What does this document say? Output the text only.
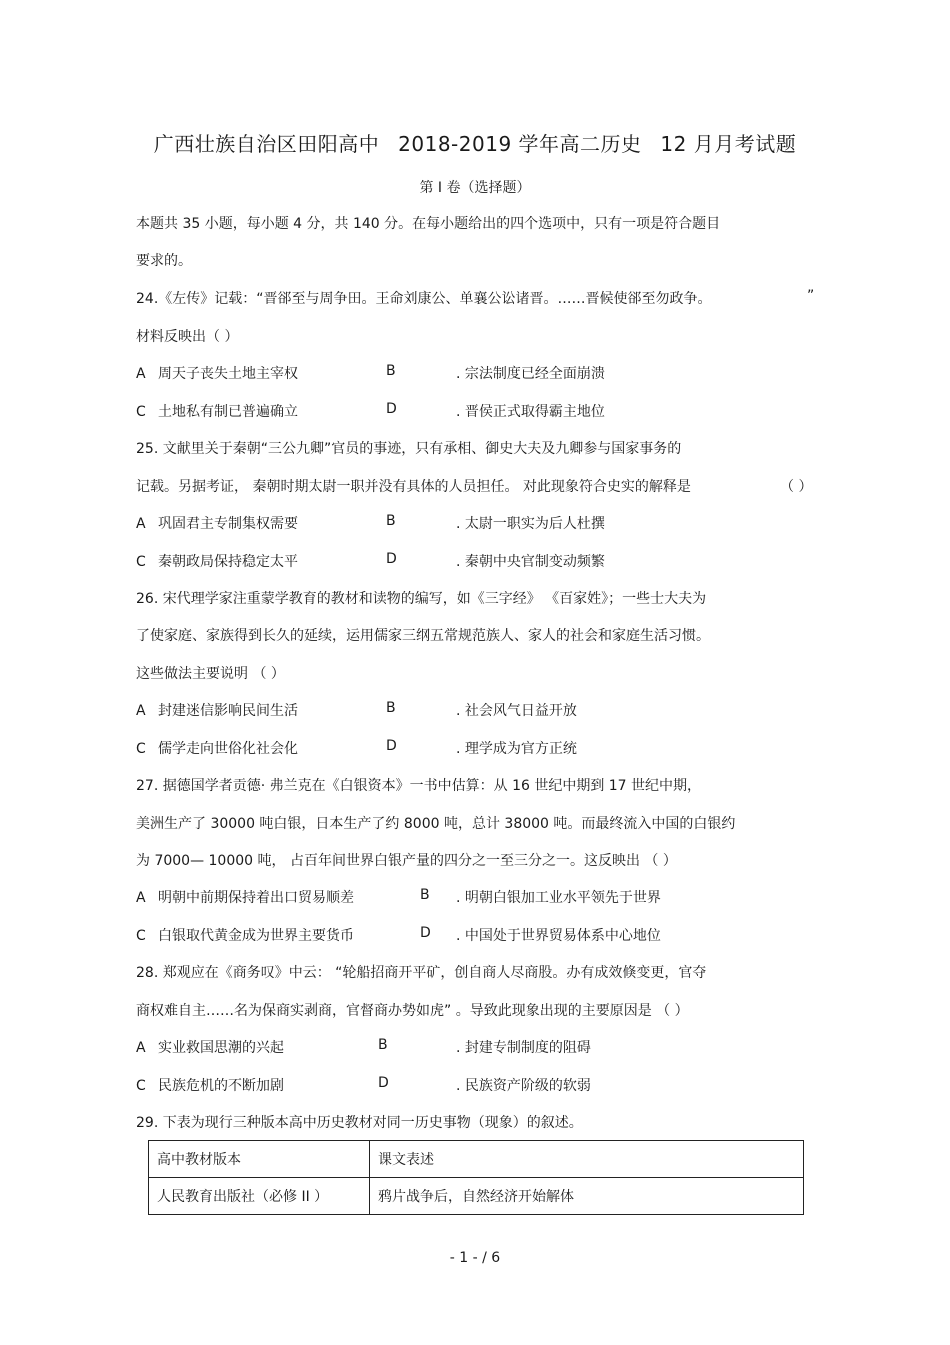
广西壮族自治区田阳高中 2018-2019 学年高二历史 12 月月考试题
第 I 卷（选择题）
本题共 35 小题，每小题 4 分，共 140 分。在每小题给出的四个选项中，只有一项是符合题目
要求的。
24.《左传》记载：“晋郤至与周争田。王命刘康公、单襄公讼诸晋。……晋候使郤至勿政争。	”
材料反映出（ ）
A 周天子丧失土地主宰权	B	. 宗法制度已经全面崩溃
C 土地私有制已普遍确立	D	. 晋侯正式取得霸主地位
25. 文献里关于秦朝“三公九卿”官员的事迹，只有承相、御史大夫及九卿参与国家事务的
记载。另据考证， 秦朝时期太尉一职并没有具体的人员担任。 对此现象符合史实的解释是	（ ）
A 巩固君主专制集权需要	B	. 太尉一职实为后人杜撰
C 秦朝政局保持稳定太平	D	. 秦朝中央官制变动频繁
26. 宋代理学家注重蒙学教育的教材和读物的编写，如《三字经》 《百家姓》；一些士大夫为
了使家庭、家族得到长久的延续，运用儒家三纲五常规范族人、家人的社会和家庭生活习惯。
这些做法主要说明 （ ）
A 封建迷信影响民间生活	B	. 社会风气日益开放
C 儒学走向世俗化社会化	D	. 理学成为官方正统
27. 据德国学者贡德· 弗兰克在《白银资本》一书中估算：从 16 世纪中期到 17 世纪中期，
美洲生产了 30000 吨白银，日本生产了约 8000 吨，总计 38000 吨。而最终流入中国的白银约
为 7000— 10000 吨， 占百年间世界白银产量的四分之一至三分之一。这反映出 （ ）
A 明朝中前期保持着出口贸易顺差	B . 明朝白银加工业水平领先于世界
C 白银取代黄金成为世界主要货币	D . 中国处于世界贸易体系中心地位
28. 郑观应在《商务叹》中云： “轮船招商开平矿，创自商人尽商股。办有成效倏变更，官夺
商权难自主……名为保商实剥商，官督商办势如虎” 。导致此现象出现的主要原因是 （ ）
A 实业救国思潮的兴起	B	. 封建专制制度的阻碍
C 民族危机的不断加剧	D	. 民族资产阶级的软弱
29. 下表为现行三种版本高中历史教材对同一历史事物（现象）的叙述。
高中教材版本	课文表述
人民教育出版社（必修 II ）	鸦片战争后，自然经济开始解体
- 1 - / 6
